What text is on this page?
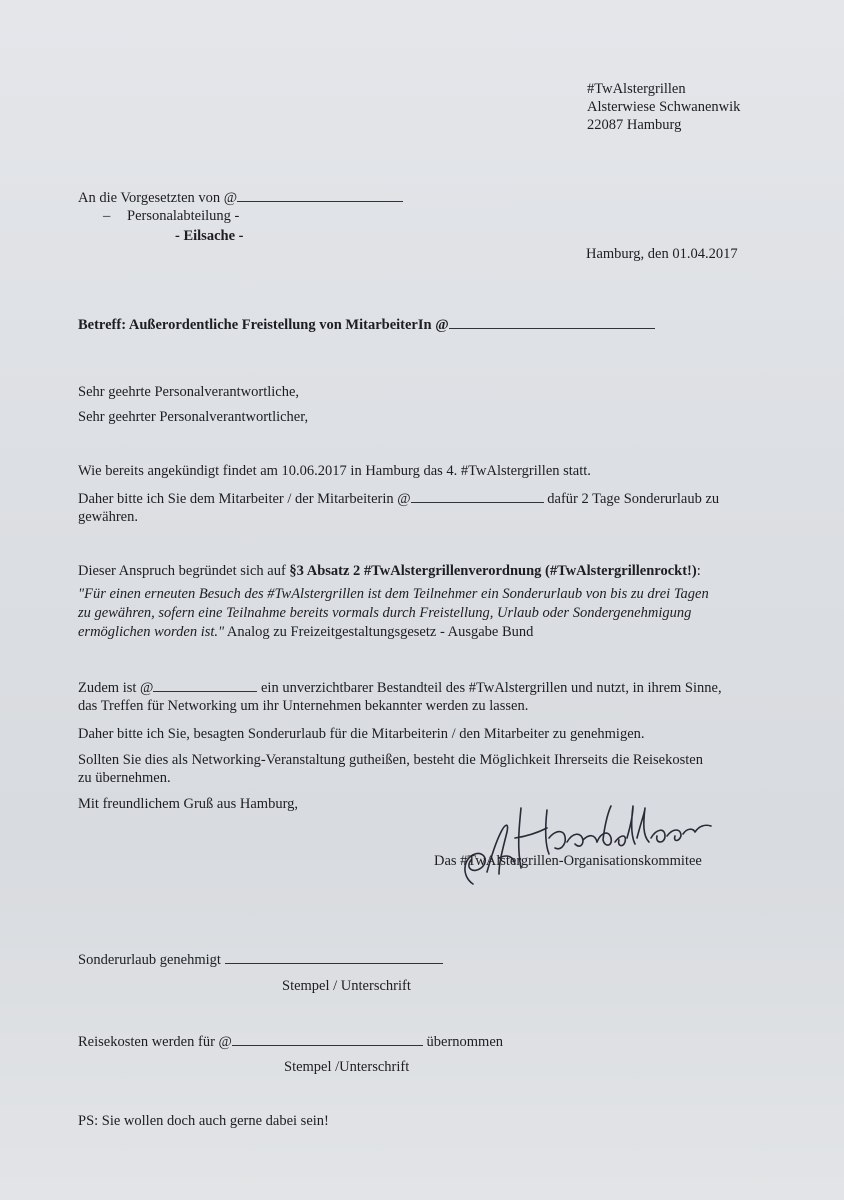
#TwAlstergrillen
Alsterwiese Schwanenwik
22087 Hamburg
An die Vorgesetzten von @
– Personalabteilung -
- Eilsache -
Hamburg, den 01.04.2017
Betreff: Außerordentliche Freistellung von MitarbeiterIn @
Sehr geehrte Personalverantwortliche,
Sehr geehrter Personalverantwortlicher,
Wie bereits angekündigt findet am 10.06.2017 in Hamburg das 4. #TwAlstergrillen statt.
Daher bitte ich Sie dem Mitarbeiter / der Mitarbeiterin @	dafür 2 Tage Sonderurlaub zu
gewähren.
Dieser Anspruch begründet sich auf §3 Absatz 2 #TwAlstergrillenverordnung (#TwAlstergrillenrockt!):
"Für einen erneuten Besuch des #TwAlstergrillen ist dem Teilnehmer ein Sonderurlaub von bis zu drei Tagen
zu gewähren, sofern eine Teilnahme bereits vormals durch Freistellung, Urlaub oder Sondergenehmigung
ermöglichen worden ist." Analog zu Freizeitgestaltungsgesetz - Ausgabe Bund
Zudem ist @	ein unverzichtbarer Bestandteil des #TwAlstergrillen und nutzt, in ihrem Sinne,
das Treffen für Networking um ihr Unternehmen bekannter werden zu lassen.
Daher bitte ich Sie, besagten Sonderurlaub für die Mitarbeiterin / den Mitarbeiter zu genehmigen.
Sollten Sie dies als Networking-Veranstaltung gutheißen, besteht die Möglichkeit Ihrerseits die Reisekosten
zu übernehmen.
Mit freundlichem Gruß aus Hamburg,
Das #TwAlstergrillen-Organisationskommitee
Sonderurlaub genehmigt
Stempel / Unterschrift
Reisekosten werden für @	übernommen
Stempel /Unterschrift
PS: Sie wollen doch auch gerne dabei sein!
